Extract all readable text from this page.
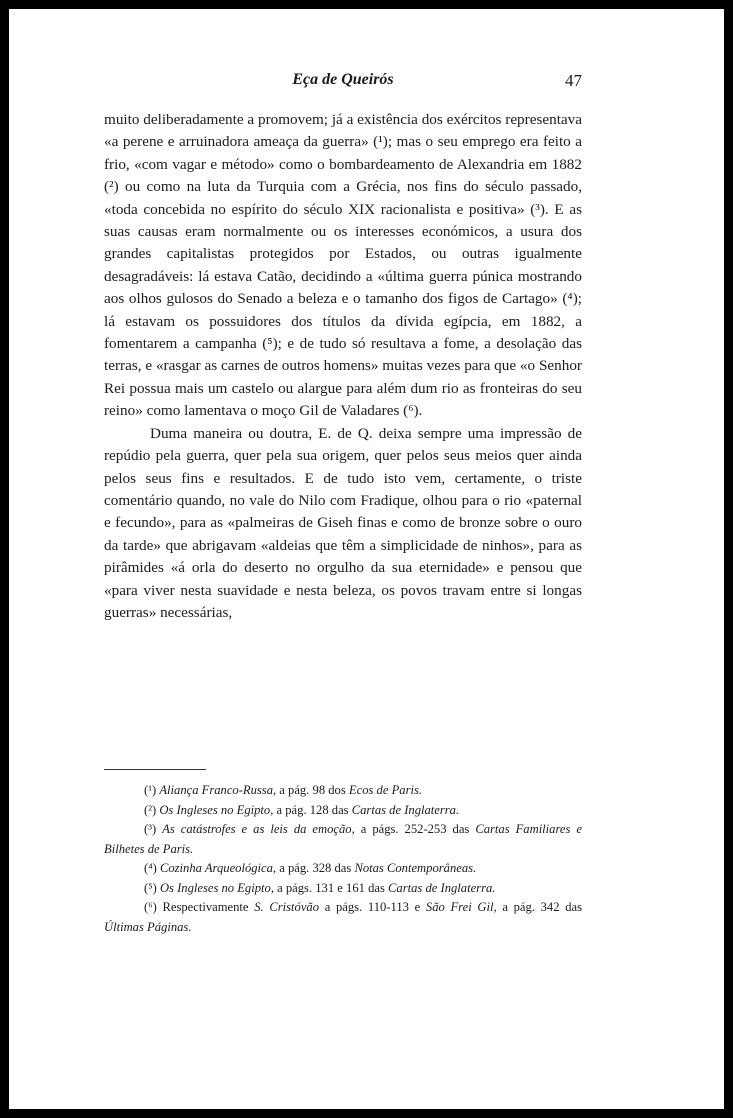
Eça de Queirós	47

muito deliberadamente a promovem; já a existência dos exércitos representava «a perene e arruinadora ameaça da guerra» (¹); mas o seu emprego era feito a frio, «com vagar e método» como o bombardeamento de Alexandria em 1882 (²) ou como na luta da Turquia com a Grécia, nos fins do século passado, «toda concebida no espírito do século XIX racionalista e positiva» (³). E as suas causas eram normalmente ou os interesses económicos, a usura dos grandes capitalistas protegidos por Estados, ou outras igualmente desagradáveis: lá estava Catão, decidindo a «última guerra púnica mostrando aos olhos gulosos do Senado a beleza e o tamanho dos figos de Cartago» (⁴); lá estavam os possuidores dos títulos da dívida egípcia, em 1882, a fomentarem a campanha (⁵); e de tudo só resultava a fome, a desolação das terras, e «rasgar as carnes de outros homens» muitas vezes para que «o Senhor Rei possua mais um castelo ou alargue para além dum rio as fronteiras do seu reino» como lamentava o moço Gil de Valadares (⁶).

Duma maneira ou doutra, E. de Q. deixa sempre uma impressão de repúdio pela guerra, quer pela sua origem, quer pelos seus meios quer ainda pelos seus fins e resultados. E de tudo isto vem, certamente, o triste comentário quando, no vale do Nilo com Fradique, olhou para o rio «paternal e fecundo», para as «palmeiras de Giseh finas e como de bronze sobre o ouro da tarde» que abrigavam «aldeias que têm a simplicidade de ninhos», para as pirâmides «á orla do deserto no orgulho da sua eternidade» e pensou que «para viver nesta suavidade e nesta beleza, os povos travam entre si longas guerras» necessárias,

(¹) Aliança Franco-Russa, a pág. 98 dos Ecos de Paris.

(²) Os Ingleses no Egipto, a pág. 128 das Cartas de Inglaterra.

(³) As catástrofes e as leis da emoção, a págs. 252-253 das Cartas Familiares e Bilhetes de Paris.

(⁴) Cozinha Arqueológica, a pág. 328 das Notas Contemporâneas.

(⁵) Os Ingleses no Egipto, a págs. 131 e 161 das Cartas de Inglaterra.

(⁶) Respectivamente S. Cristóvão a págs. 110-113 e São Frei Gil, a pág. 342 das Últimas Páginas.
